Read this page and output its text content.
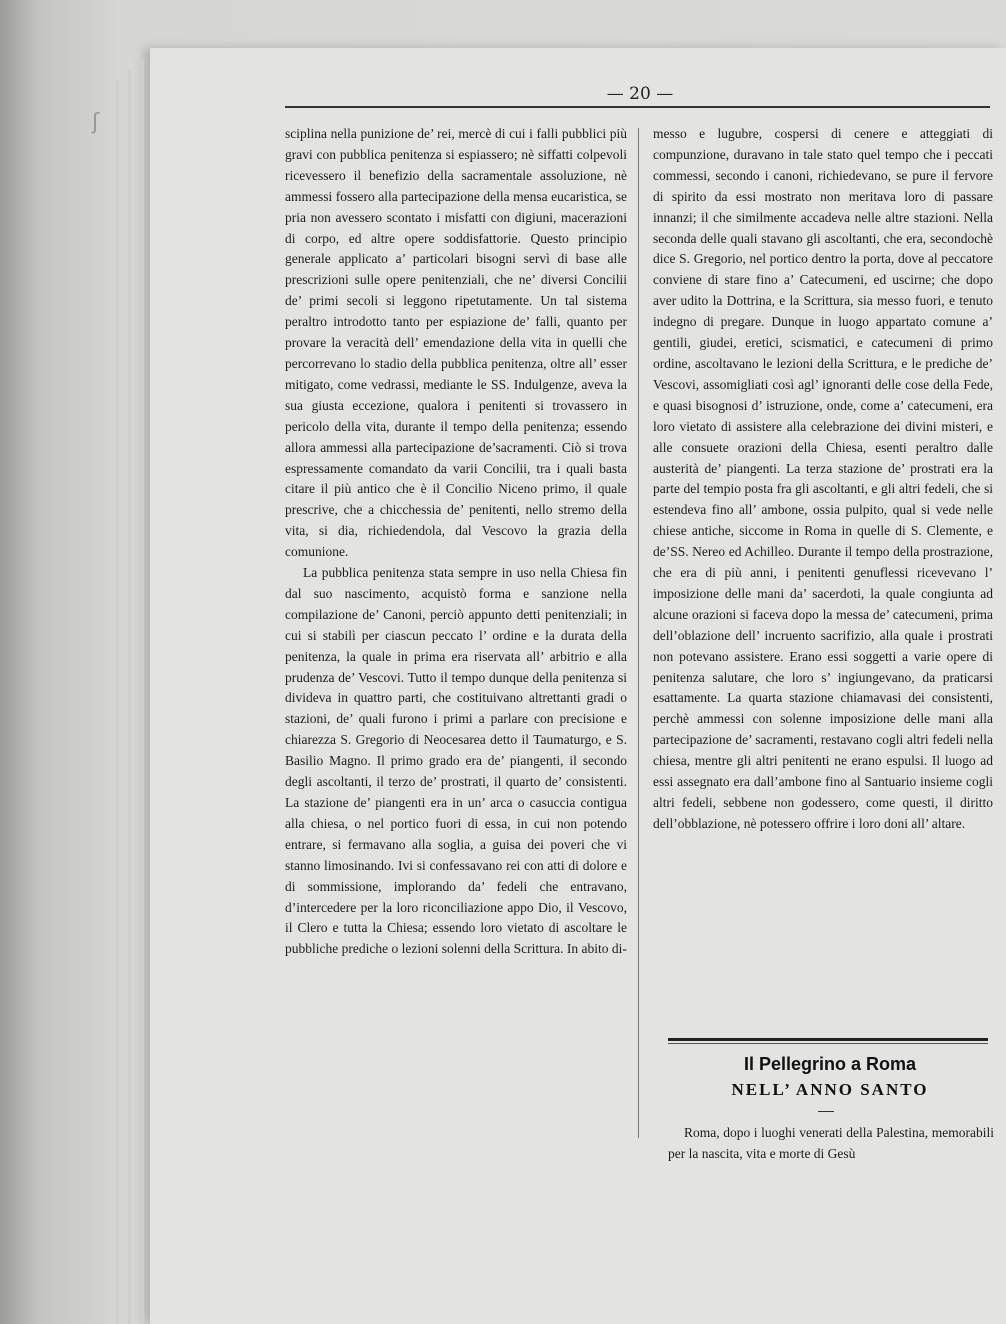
ʃ
— 20 —

sciplina nella punizione de’ rei, mercè di cui i falli pubblici più gravi con pubblica penitenza si espiassero; nè siffatti colpevoli ricevessero il benefizio della sacramentale assoluzione, nè ammessi fossero alla partecipazione della mensa eucaristica, se pria non avessero scontato i misfatti con digiuni, macerazioni di corpo, ed altre opere soddisfattorie. Questo principio generale applicato a’ particolari bisogni servì di base alle prescrizioni sulle opere penitenziali, che ne’ diversi Concilii de’ primi secoli si leggono ripetutamente. Un tal sistema peraltro introdotto tanto per espiazione de’ falli, quanto per provare la veracità dell’ emendazione della vita in quelli che percorrevano lo stadio della pubblica penitenza, oltre all’ esser mitigato, come vedrassi, mediante le SS. Indulgenze, aveva la sua giusta eccezione, qualora i penitenti si trovassero in pericolo della vita, durante il tempo della penitenza; essendo allora ammessi alla partecipazione de’sacramenti. Ciò si trova espressamente comandato da varii Concilii, tra i quali basta citare il più antico che è il Concilio Niceno primo, il quale prescrive, che a chicchessia de’ penitenti, nello stremo della vita, si dia, richiedendola, dal Vescovo la grazia della comunione.

La pubblica penitenza stata sempre in uso nella Chiesa fin dal suo nascimento, acquistò forma e sanzione nella compilazione de’ Canoni, perciò appunto detti penitenziali; in cui si stabilì per ciascun peccato l’ ordine e la durata della penitenza, la quale in prima era riservata all’ arbitrio e alla prudenza de’ Vescovi. Tutto il tempo dunque della penitenza si divideva in quattro parti, che costituivano altrettanti gradi o stazioni, de’ quali furono i primi a parlare con precisione e chiarezza S. Gregorio di Neocesarea detto il Taumaturgo, e S. Basilio Magno. Il primo grado era de’ piangenti, il secondo degli ascoltanti, il terzo de’ prostrati, il quarto de’ consistenti. La stazione de’ piangenti era in un’ arca o casuccia contigua alla chiesa, o nel portico fuori di essa, in cui non potendo entrare, si fermavano alla soglia, a guisa dei poveri che vi stanno limosinando. Ivi si confessavano rei con atti di dolore e di sommissione, implorando da’ fedeli che entravano, d’intercedere per la loro riconciliazione appo Dio, il Vescovo, il Clero e tutta la Chiesa; essendo loro vietato di ascoltare le pubbliche prediche o lezioni solenni della Scrittura. In abito di-

messo e lugubre, cospersi di cenere e atteggiati di compunzione, duravano in tale stato quel tempo che i peccati commessi, secondo i canoni, richiedevano, se pure il fervore di spirito da essi mostrato non meritava loro di passare innanzi; il che similmente accadeva nelle altre stazioni. Nella seconda delle quali stavano gli ascoltanti, che era, secondochè dice S. Gregorio, nel portico dentro la porta, dove al peccatore conviene di stare fino a’ Catecumeni, ed uscirne; che dopo aver udito la Dottrina, e la Scrittura, sia messo fuori, e tenuto indegno di pregare. Dunque in luogo appartato comune a’ gentili, giudei, eretici, scismatici, e catecumeni di primo ordine, ascoltavano le lezioni della Scrittura, e le prediche de’ Vescovi, assomigliati così agl’ ignoranti delle cose della Fede, e quasi bisognosi d’ istruzione, onde, come a’ catecumeni, era loro vietato di assistere alla celebrazione dei divini misteri, e alle consuete orazioni della Chiesa, esenti peraltro dalle austerità de’ piangenti. La terza stazione de’ prostrati era la parte del tempio posta fra gli ascoltanti, e gli altri fedeli, che si estendeva fino all’ ambone, ossia pulpito, qual si vede nelle chiese antiche, siccome in Roma in quelle di S. Clemente, e de’SS. Nereo ed Achilleo. Durante il tempo della prostrazione, che era di più anni, i penitenti genuflessi ricevevano l’ imposizione delle mani da’ sacerdoti, la quale congiunta ad alcune orazioni si faceva dopo la messa de’ catecumeni, prima dell’oblazione dell’ incruento sacrifizio, alla quale i prostrati non potevano assistere. Erano essi soggetti a varie opere di penitenza salutare, che loro s’ ingiungevano, da praticarsi esattamente. La quarta stazione chiamavasi dei consistenti, perchè ammessi con solenne imposizione delle mani alla partecipazione de’ sacramenti, restavano cogli altri fedeli nella chiesa, mentre gli altri penitenti ne erano espulsi. Il luogo ad essi assegnato era dall’ambone fino al Santuario insieme cogli altri fedeli, sebbene non godessero, come questi, il diritto dell’obblazione, nè potessero offrire i loro doni all’ altare.

Il Pellegrino a Roma
NELL’ ANNO SANTO
Roma, dopo i luoghi venerati della Palestina, memorabili per la nascita, vita e morte di Gesù
